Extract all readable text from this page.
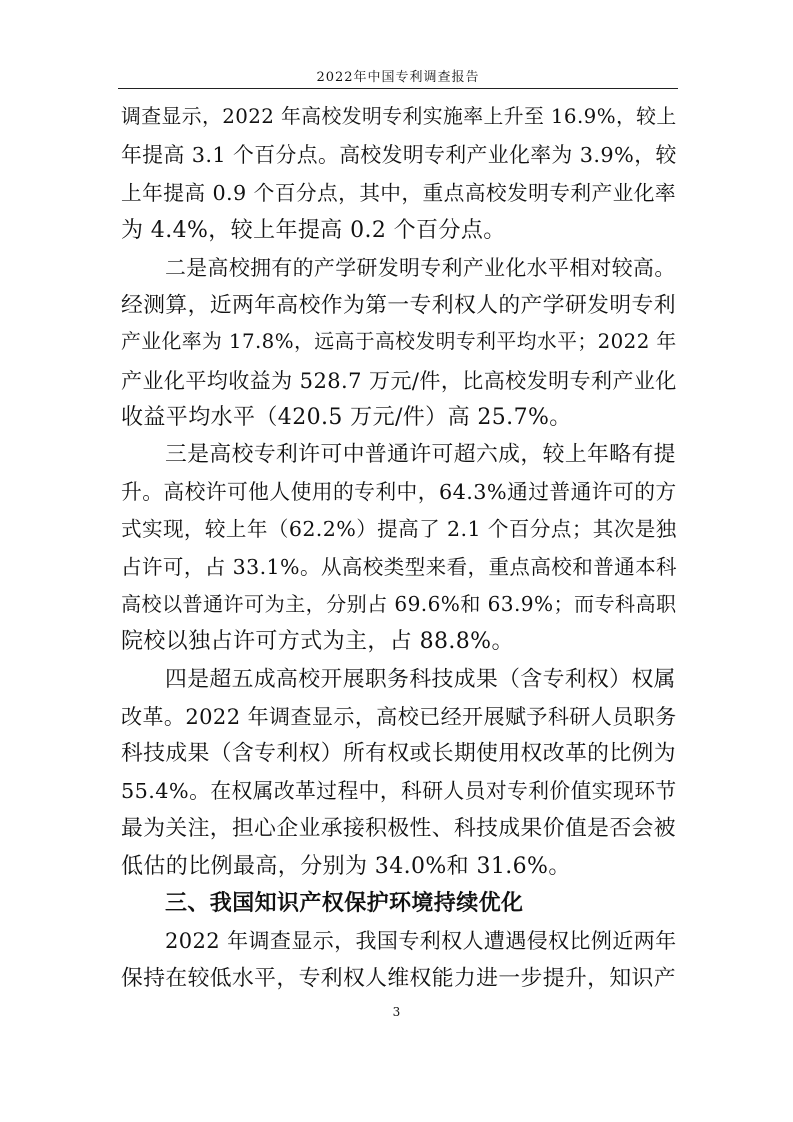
2022年中国专利调查报告
调查显示，2022 年高校发明专利实施率上升至 16.9%，较上
年提高 3.1 个百分点。高校发明专利产业化率为 3.9%，较
上年提高 0.9 个百分点，其中，重点高校发明专利产业化率
为 4.4%，较上年提高 0.2 个百分点。
二是高校拥有的产学研发明专利产业化水平相对较高。
经测算，近两年高校作为第一专利权人的产学研发明专利
产业化率为 17.8%，远高于高校发明专利平均水平；2022 年
产业化平均收益为 528.7 万元/件，比高校发明专利产业化
收益平均水平（420.5 万元/件）高 25.7%。
三是高校专利许可中普通许可超六成，较上年略有提
升。高校许可他人使用的专利中，64.3%通过普通许可的方
式实现，较上年（62.2%）提高了 2.1 个百分点；其次是独
占许可，占 33.1%。从高校类型来看，重点高校和普通本科
高校以普通许可为主，分别占 69.6%和 63.9%；而专科高职
院校以独占许可方式为主，占 88.8%。
四是超五成高校开展职务科技成果（含专利权）权属
改革。2022 年调查显示，高校已经开展赋予科研人员职务
科技成果（含专利权）所有权或长期使用权改革的比例为
55.4%。在权属改革过程中，科研人员对专利价值实现环节
最为关注，担心企业承接积极性、科技成果价值是否会被
低估的比例最高，分别为 34.0%和 31.6%。
三、我国知识产权保护环境持续优化
2022 年调查显示，我国专利权人遭遇侵权比例近两年
保持在较低水平，专利权人维权能力进一步提升，知识产
3
